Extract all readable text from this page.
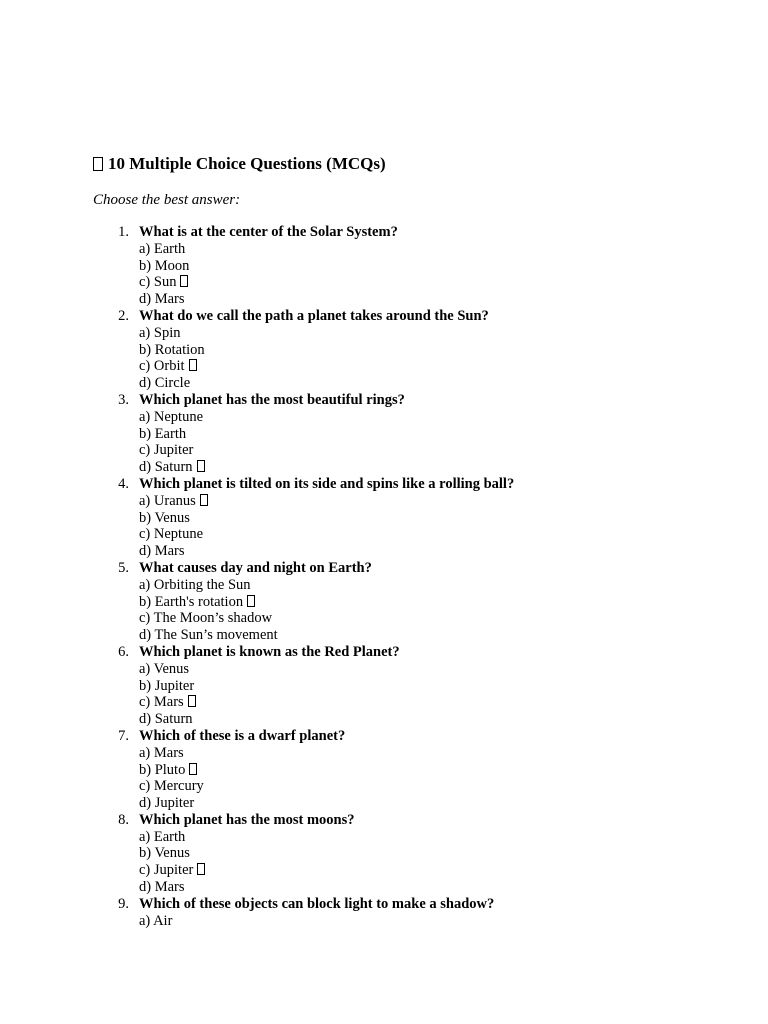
10 Multiple Choice Questions (MCQs)
Choose the best answer:
1. What is at the center of the Solar System?
a) Earth
b) Moon
c) Sun
d) Mars
2. What do we call the path a planet takes around the Sun?
a) Spin
b) Rotation
c) Orbit
d) Circle
3. Which planet has the most beautiful rings?
a) Neptune
b) Earth
c) Jupiter
d) Saturn
4. Which planet is tilted on its side and spins like a rolling ball?
a) Uranus
b) Venus
c) Neptune
d) Mars
5. What causes day and night on Earth?
a) Orbiting the Sun
b) Earth's rotation
c) The Moon’s shadow
d) The Sun’s movement
6. Which planet is known as the Red Planet?
a) Venus
b) Jupiter
c) Mars
d) Saturn
7. Which of these is a dwarf planet?
a) Mars
b) Pluto
c) Mercury
d) Jupiter
8. Which planet has the most moons?
a) Earth
b) Venus
c) Jupiter
d) Mars
9. Which of these objects can block light to make a shadow?
a) Air
